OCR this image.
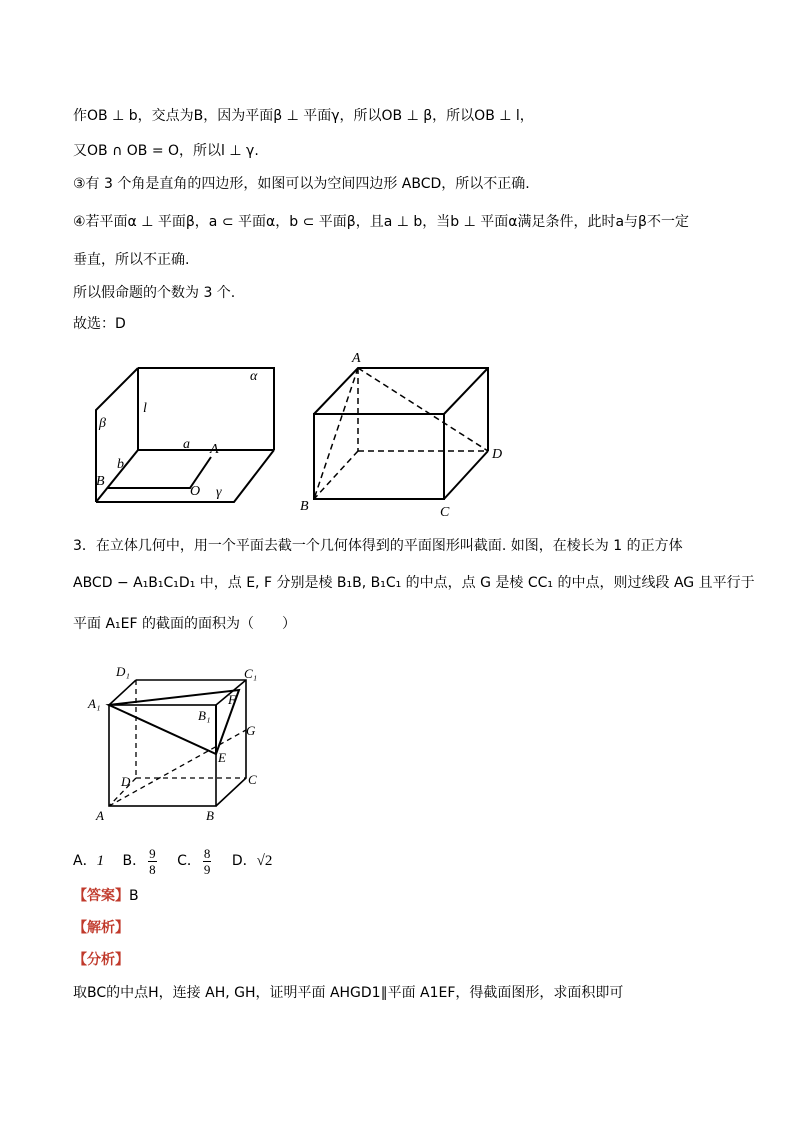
作OB ⊥ b，交点为B，因为平面β ⊥ 平面γ，所以OB ⊥ β，所以OB ⊥ l，
又OB ∩ OB = O，所以l ⊥ γ.
③有 3 个角是直角的四边形，如图可以为空间四边形 ABCD，所以不正确.
④若平面α ⊥ 平面β，a ⊂ 平面α，b ⊂ 平面β，且a ⊥ b，当b ⊥ 平面α满足条件，此时a与β不一定
垂直，所以不正确.
所以假命题的个数为 3 个.
故选：D
α
β
l
a A
b
B
O γ
A
B	C
D
3．在立体几何中，用一个平面去截一个几何体得到的平面图形叫截面. 如图，在棱长为 1 的正方体
ABCD − A₁B₁C₁D₁ 中，点 E, F 分别是棱 B₁B, B₁C₁ 的中点，点 G 是棱 CC₁ 的中点，则过线段 AG 且平行于
平面 A₁EF 的截面的面积为（　　）
D₁	C₁
A₁
B₁
F
G
E
D	C
A	B
A．1 B． $\frac{9}{8}$ C． $\frac{8}{9}$ D．√2
【答案】B
【解析】
【分析】
取BC的中点H，连接 AH, GH，证明平面 AHGD1∥平面 A1EF，得截面图形，求面积即可
